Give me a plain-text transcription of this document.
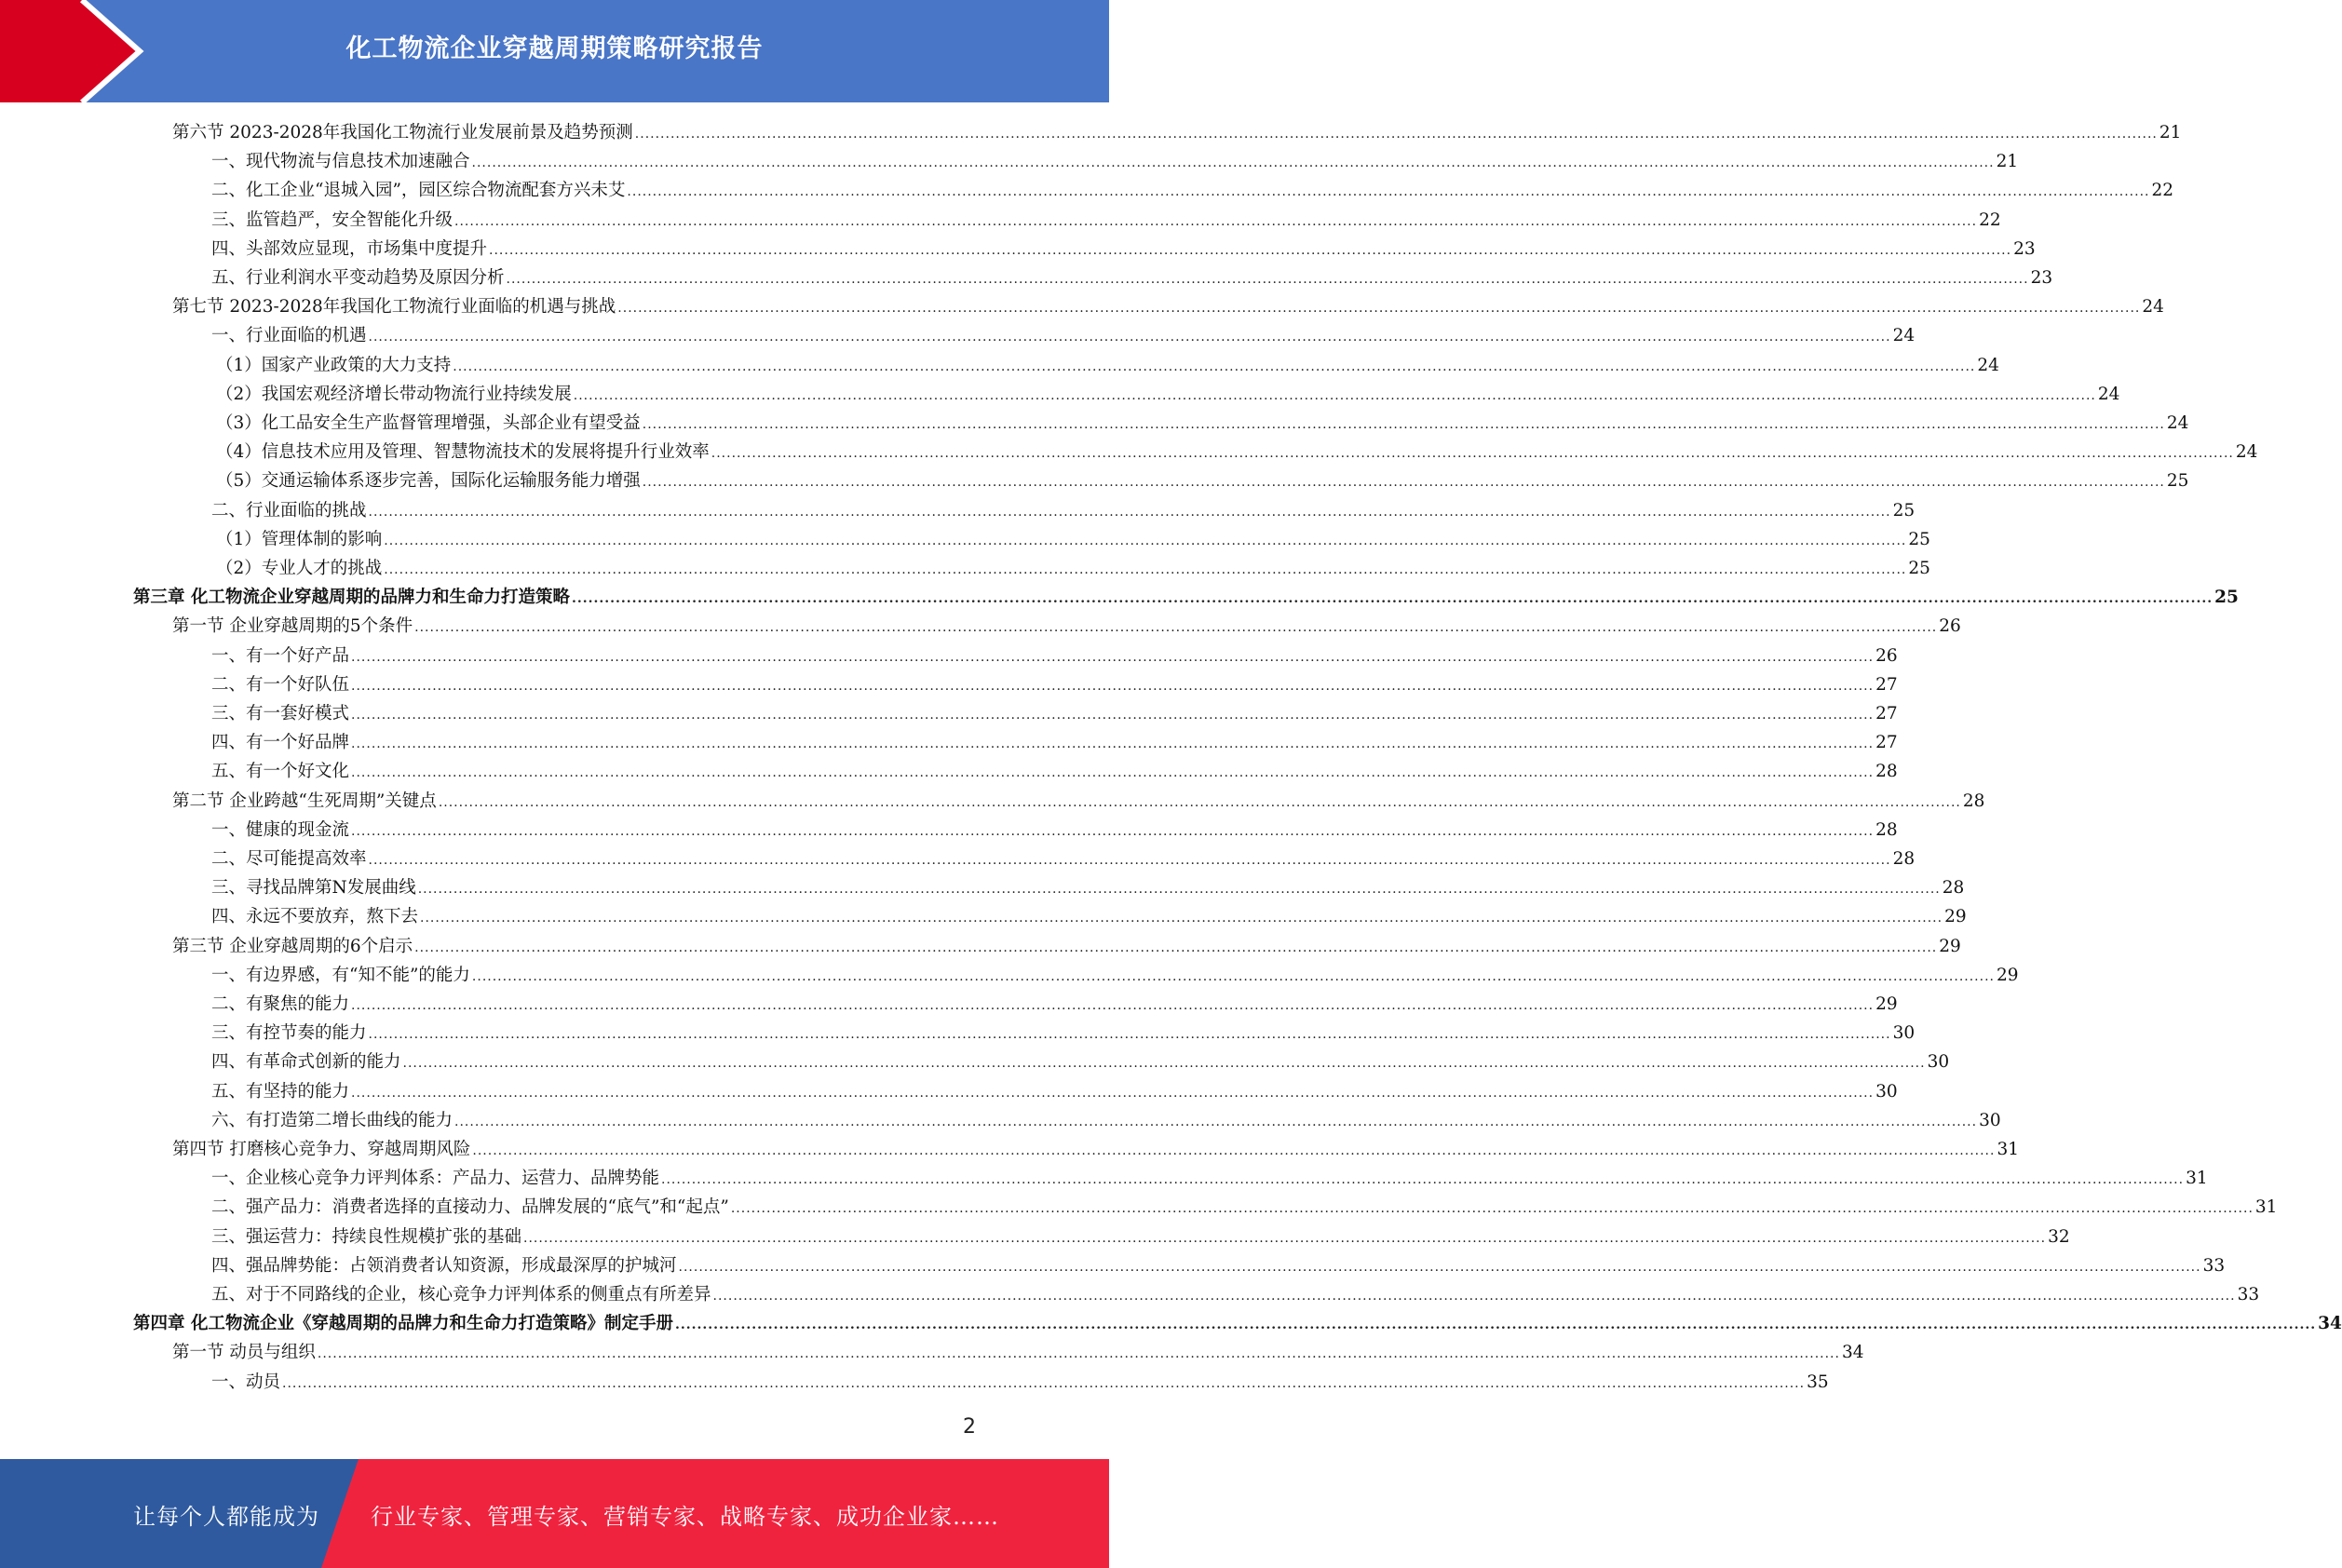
化工物流企业穿越周期策略研究报告
第六节 2023-2028年我国化工物流行业发展前景及趋势预测 ............................................................................................................................................................................................................................................................................................................ 21
一、现代物流与信息技术加速融合 ............................................................................................................................................................................................................................................................................................................ 21
二、化工企业“退城入园”，园区综合物流配套方兴未艾 ............................................................................................................................................................................................................................................................................................................ 22
三、监管趋严，安全智能化升级 ............................................................................................................................................................................................................................................................................................................ 22
四、头部效应显现，市场集中度提升 ............................................................................................................................................................................................................................................................................................................ 23
五、行业利润水平变动趋势及原因分析 ............................................................................................................................................................................................................................................................................................................ 23
第七节 2023-2028年我国化工物流行业面临的机遇与挑战 ............................................................................................................................................................................................................................................................................................................ 24
一、行业面临的机遇 ............................................................................................................................................................................................................................................................................................................ 24
（1）国家产业政策的大力支持 ............................................................................................................................................................................................................................................................................................................ 24
（2）我国宏观经济增长带动物流行业持续发展 ............................................................................................................................................................................................................................................................................................................ 24
（3）化工品安全生产监督管理增强，头部企业有望受益 ............................................................................................................................................................................................................................................................................................................ 24
（4）信息技术应用及管理、智慧物流技术的发展将提升行业效率 ............................................................................................................................................................................................................................................................................................................ 24
（5）交通运输体系逐步完善，国际化运输服务能力增强 ............................................................................................................................................................................................................................................................................................................ 25
二、行业面临的挑战 ............................................................................................................................................................................................................................................................................................................ 25
（1）管理体制的影响 ............................................................................................................................................................................................................................................................................................................ 25
（2）专业人才的挑战 ............................................................................................................................................................................................................................................................................................................ 25
第三章 化工物流企业穿越周期的品牌力和生命力打造策略 ............................................................................................................................................................................................................................................................................................................ 25
第一节 企业穿越周期的5个条件 ............................................................................................................................................................................................................................................................................................................ 26
一、有一个好产品 ............................................................................................................................................................................................................................................................................................................ 26
二、有一个好队伍 ............................................................................................................................................................................................................................................................................................................ 27
三、有一套好模式 ............................................................................................................................................................................................................................................................................................................ 27
四、有一个好品牌 ............................................................................................................................................................................................................................................................................................................ 27
五、有一个好文化 ............................................................................................................................................................................................................................................................................................................ 28
第二节 企业跨越“生死周期”关键点 ............................................................................................................................................................................................................................................................................................................ 28
一、健康的现金流 ............................................................................................................................................................................................................................................................................................................ 28
二、尽可能提高效率 ............................................................................................................................................................................................................................................................................................................ 28
三、寻找品牌第N发展曲线 ............................................................................................................................................................................................................................................................................................................ 28
四、永远不要放弃，熬下去 ............................................................................................................................................................................................................................................................................................................ 29
第三节 企业穿越周期的6个启示 ............................................................................................................................................................................................................................................................................................................ 29
一、有边界感，有“知不能”的能力 ............................................................................................................................................................................................................................................................................................................ 29
二、有聚焦的能力 ............................................................................................................................................................................................................................................................................................................ 29
三、有控节奏的能力 ............................................................................................................................................................................................................................................................................................................ 30
四、有革命式创新的能力 ............................................................................................................................................................................................................................................................................................................ 30
五、有坚持的能力 ............................................................................................................................................................................................................................................................................................................ 30
六、有打造第二增长曲线的能力 ............................................................................................................................................................................................................................................................................................................ 30
第四节 打磨核心竞争力、穿越周期风险 ............................................................................................................................................................................................................................................................................................................ 31
一、企业核心竞争力评判体系：产品力、运营力、品牌势能 ............................................................................................................................................................................................................................................................................................................ 31
二、强产品力：消费者选择的直接动力、品牌发展的“底气”和“起点” ............................................................................................................................................................................................................................................................................................................ 31
三、强运营力：持续良性规模扩张的基础 ............................................................................................................................................................................................................................................................................................................ 32
四、强品牌势能：占领消费者认知资源，形成最深厚的护城河 ............................................................................................................................................................................................................................................................................................................ 33
五、对于不同路线的企业，核心竞争力评判体系的侧重点有所差异 ............................................................................................................................................................................................................................................................................................................ 33
第四章 化工物流企业《穿越周期的品牌力和生命力打造策略》制定手册 ............................................................................................................................................................................................................................................................................................................ 34
第一节 动员与组织 ............................................................................................................................................................................................................................................................................................................ 34
一、动员 ............................................................................................................................................................................................................................................................................................................ 35
2
让每个人都能成为 行业专家、管理专家、营销专家、战略专家、成功企业家……
